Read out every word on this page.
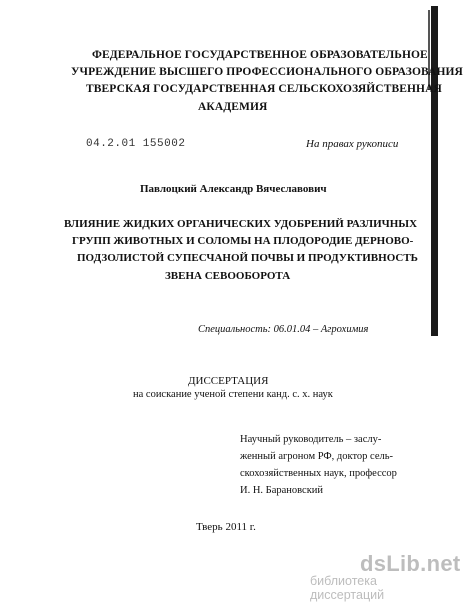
ФЕДЕРАЛЬНОЕ ГОСУДАРСТВЕННОЕ ОБРАЗОВАТЕЛЬНОЕ
УЧРЕЖДЕНИЕ ВЫСШЕГО ПРОФЕССИОНАЛЬНОГО ОБРАЗОВАНИЯ
ТВЕРСКАЯ ГОСУДАРСТВЕННАЯ СЕЛЬСКОХОЗЯЙСТВЕННАЯ
АКАДЕМИЯ
04.2.01 155002	На правах рукописи
Павлоцкий Александр Вячеславович
ВЛИЯНИЕ ЖИДКИХ ОРГАНИЧЕСКИХ УДОБРЕНИЙ РАЗЛИЧНЫХ
ГРУПП ЖИВОТНЫХ И СОЛОМЫ НА ПЛОДОРОДИЕ ДЕРНОВО-
ПОДЗОЛИСТОЙ СУПЕСЧАНОЙ ПОЧВЫ И ПРОДУКТИВНОСТЬ
ЗВЕНА СЕВООБОРОТА
Специальность: 06.01.04 – Агрохимия
ДИССЕРТАЦИЯ
на соискание ученой степени канд. с. х. наук
Научный руководитель – заслу-
женный агроном РФ, доктор сель-
скохозяйственных наук, профессор
И. Н. Барановский
Тверь 2011 г.
dsLib.net
библиотека диссертаций
